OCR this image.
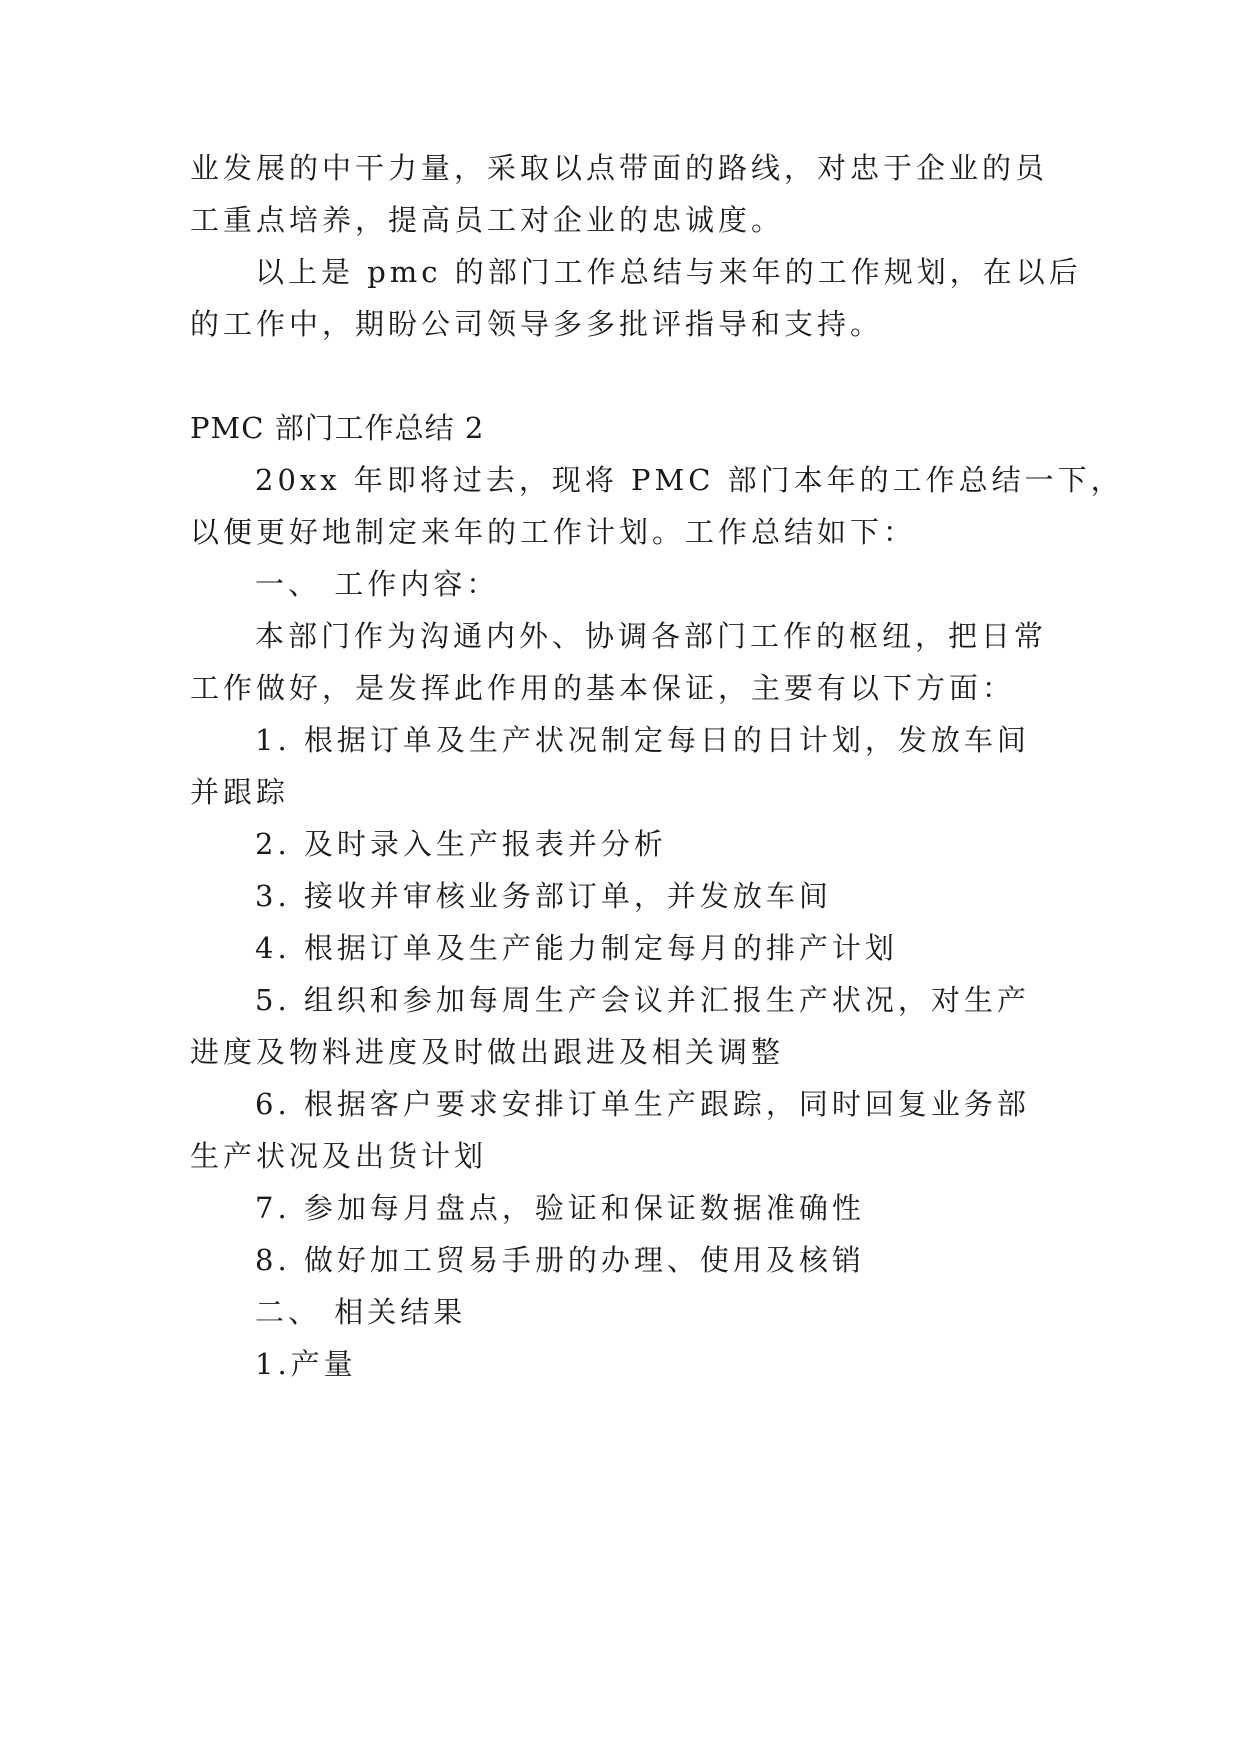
业发展的中干力量，采取以点带面的路线，对忠于企业的员
工重点培养，提高员工对企业的忠诚度。
以上是 pmc 的部门工作总结与来年的工作规划，在以后
的工作中，期盼公司领导多多批评指导和支持。
PMC 部门工作总结 2
20xx 年即将过去，现将 PMC 部门本年的工作总结一下，
以便更好地制定来年的工作计划。工作总结如下：
一、 工作内容：
本部门作为沟通内外、协调各部门工作的枢纽，把日常
工作做好，是发挥此作用的基本保证，主要有以下方面：
1. 根据订单及生产状况制定每日的日计划，发放车间
并跟踪
2. 及时录入生产报表并分析
3. 接收并审核业务部订单，并发放车间
4. 根据订单及生产能力制定每月的排产计划
5. 组织和参加每周生产会议并汇报生产状况，对生产
进度及物料进度及时做出跟进及相关调整
6. 根据客户要求安排订单生产跟踪，同时回复业务部
生产状况及出货计划
7. 参加每月盘点，验证和保证数据准确性
8. 做好加工贸易手册的办理、使用及核销
二、 相关结果
1.产量
